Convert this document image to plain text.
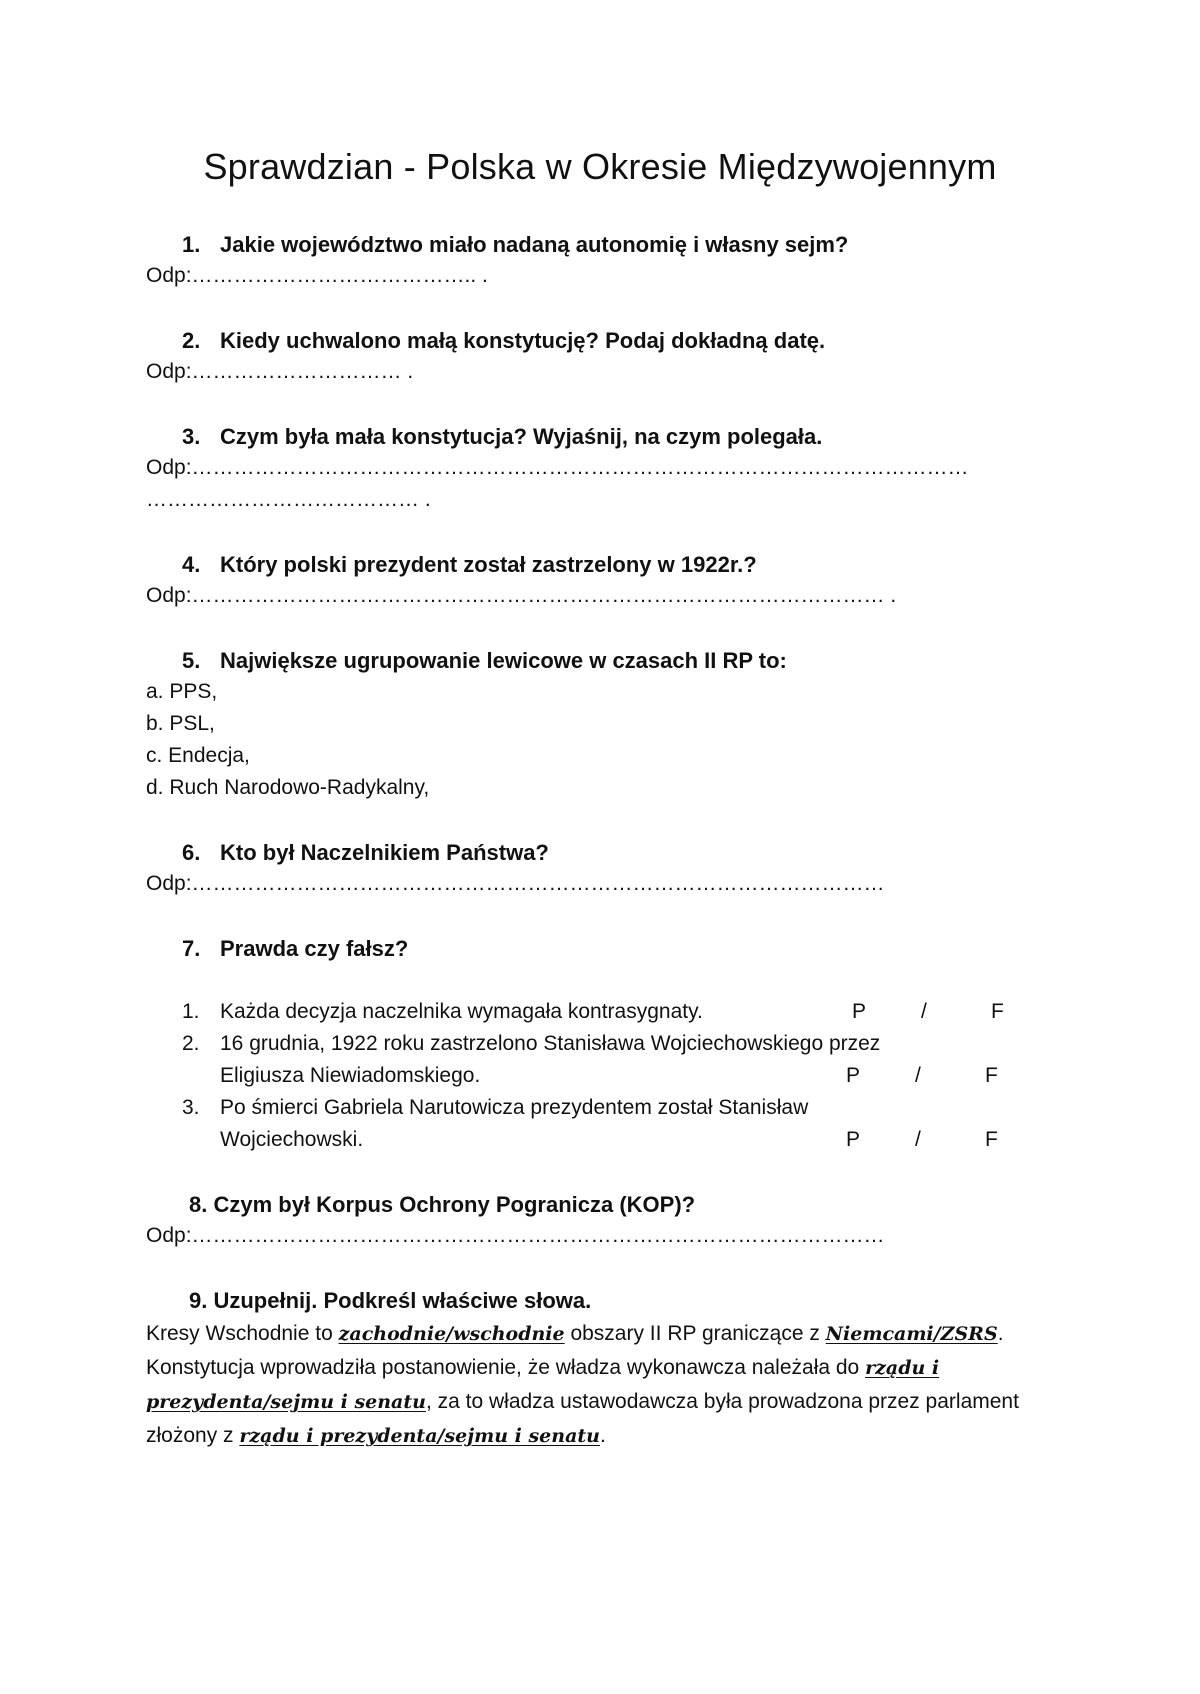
Sprawdzian - Polska w Okresie Międzywojennym
1. Jakie województwo miało nadaną autonomię i własny sejm?
Odp:………………………………….. .
2. Kiedy uchwalono małą konstytucję? Podaj dokładną datę.
Odp:………………………… .
3. Czym była mała konstytucja? Wyjaśnij, na czym polegała.
Odp:…………………………………………………………………………………………………
………………………………… .
4. Który polski prezydent został zastrzelony w 1922r.?
Odp:……………………………………………………………………………………… .
5. Największe ugrupowanie lewicowe w czasach II RP to:
a. PPS,
b. PSL,
c. Endecja,
d. Ruch Narodowo-Radykalny,
6. Kto był Naczelnikiem Państwa?
Odp:………………………………………………………………………………………
7. Prawda czy fałsz?
1. Każda decyzja naczelnika wymagała kontrasygnaty.	P	/	F
2. 16 grudnia, 1922 roku zastrzelono Stanisława Wojciechowskiego przez
Eligiusza Niewiadomskiego.	P	/	F
3. Po śmierci Gabriela Narutowicza prezydentem został Stanisław
Wojciechowski.	P	/	F
8. Czym był Korpus Ochrony Pogranicza (KOP)?
Odp:………………………………………………………………………………………
9. Uzupełnij. Podkreśl właściwe słowa.
Kresy Wschodnie to zachodnie/wschodnie obszary II RP graniczące z Niemcami/ZSRS.
Konstytucja wprowadziła postanowienie, że władza wykonawcza należała do rządu i prezydenta/sejmu i senatu, za to władza ustawodawcza była prowadzona przez parlament złożony z rządu i prezydenta/sejmu i senatu.
